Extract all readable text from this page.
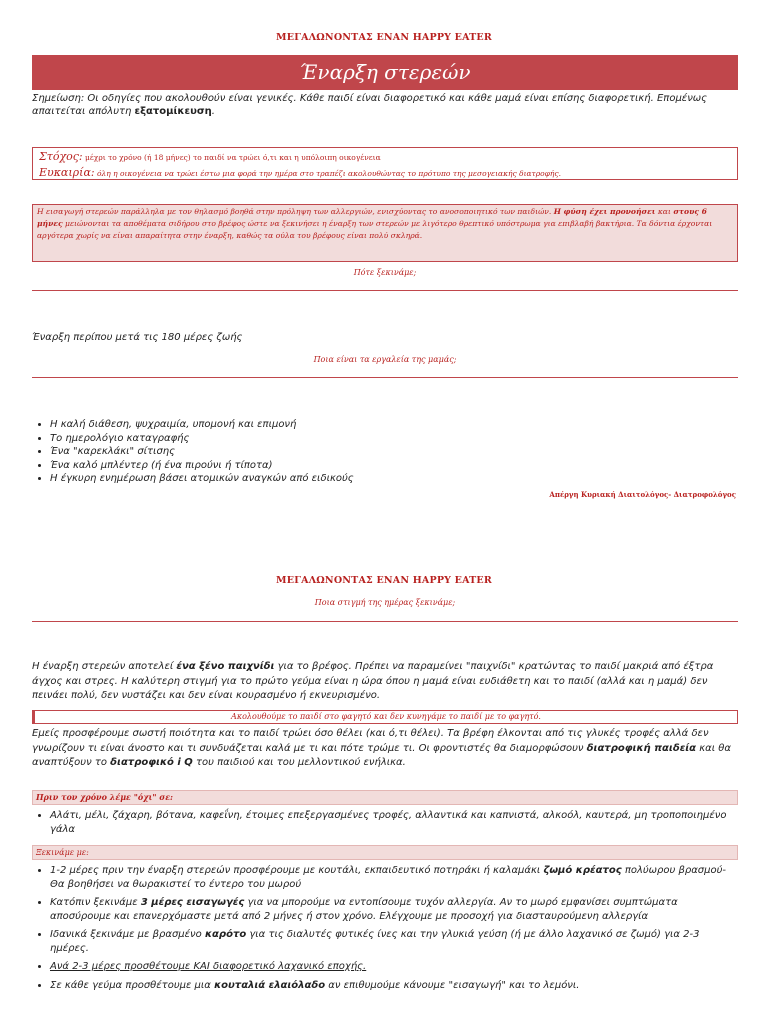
ΜΕΓΑΛΩΝΟΝΤΑΣ ΕΝΑΝ HAPPY EATER
Έναρξη στερεών
Σημείωση: Οι οδηγίες που ακολουθούν είναι γενικές. Κάθε παιδί είναι διαφορετικό και κάθε μαμά είναι επίσης διαφορετική. Επομένως απαιτείται απόλυτη εξατομίκευση.
Στόχος: μέχρι το χρόνο (ή 18 μήνες) το παιδί να τρώει ό,τι και η υπόλοιπη οικογένεια
Ευκαιρία: όλη η οικογένεια να τρώει έστω μια φορά την ημέρα στο τραπέζι ακολουθώντας το πρότυπο της μεσογειακής διατροφής.
Η εισαγωγή στερεών παράλληλα με τον θηλασμό βοηθά στην πρόληψη των αλλεργιών, ενισχύοντας το ανοσοποιητικό των παιδιών. Η φύση έχει προνοήσει και στους 6 μήνες μειώνονται τα αποθέματα σιδήρου στο βρέφος ώστε να ξεκινήσει η έναρξη των στερεών με λιγότερο θρεπτικό υπόστρωμα για επιβλαβή βακτήρια. Τα δόντια έρχονται αργότερα χωρίς να είναι απαραίτητα στην έναρξη, καθώς τα ούλα του βρέφους είναι πολύ σκληρά.
Πότε ξεκινάμε;
Έναρξη περίπου μετά τις 180 μέρες ζωής
Ποια είναι τα εργαλεία της μαμάς;
• Η καλή διάθεση, ψυχραιμία, υπομονή και επιμονή
• Το ημερολόγιο καταγραφής
• Ένα "καρεκλάκι" σίτισης
• Ένα καλό μπλέντερ (ή ένα πιρούνι ή τίποτα)
• Η έγκυρη ενημέρωση βάσει ατομικών αναγκών από ειδικούς
Απέργη Κυριακή Διαιτολόγος- Διατροφολόγος
ΜΕΓΑΛΩΝΟΝΤΑΣ ΕΝΑΝ HAPPY EATER
Ποια στιγμή της ημέρας ξεκινάμε;
Η έναρξη στερεών αποτελεί ένα ξένο παιχνίδι για το βρέφος. Πρέπει να παραμείνει "παιχνίδι" κρατώντας το παιδί μακριά από έξτρα άγχος και στρες. Η καλύτερη στιγμή για το πρώτο γεύμα είναι η ώρα όπου η μαμά είναι ευδιάθετη και το παιδί (αλλά και η μαμά) δεν πεινάει πολύ, δεν νυστάζει και δεν είναι κουρασμένο ή εκνευρισμένο.
Ακολουθούμε το παιδί στο φαγητό και δεν κυνηγάμε το παιδί με το φαγητό.
Εμείς προσφέρουμε σωστή ποιότητα και το παιδί τρώει όσο θέλει (και ό,τι θέλει). Τα βρέφη έλκονται από τις γλυκές τροφές αλλά δεν γνωρίζουν τι είναι άνοστο και τι συνδυάζεται καλά με τι και πότε τρώμε τι. Οι φροντιστές θα διαμορφώσουν διατροφική παιδεία και θα αναπτύξουν το διατροφικό i Q του παιδιού και του μελλοντικού ενήλικα.
Πριν τον χρόνο λέμε "όχι" σε:
• Αλάτι, μέλι, ζάχαρη, βότανα, καφεΐνη, έτοιμες επεξεργασμένες τροφές, αλλαντικά και καπνιστά, αλκοόλ, καυτερά, μη τροποποιημένο γάλα
Ξεκινάμε με:
• 1-2 μέρες πριν την έναρξη στερεών προσφέρουμε με κουτάλι, εκπαιδευτικό ποτηράκι ή καλαμάκι ζωμό κρέατος πολύωρου βρασμού- Θα βοηθήσει να θωρακιστεί το έντερο του μωρού
• Κατόπιν ξεκινάμε 3 μέρες εισαγωγές για να μπορούμε να εντοπίσουμε τυχόν αλλεργία. Αν το μωρό εμφανίσει συμπτώματα αποσύρουμε και επανερχόμαστε μετά από 2 μήνες ή στον χρόνο. Ελέγχουμε με προσοχή για διασταυρούμενη αλλεργία
• Ιδανικά ξεκινάμε με βρασμένο καρότο για τις διαλυτές φυτικές ίνες και την γλυκιά γεύση (ή με άλλο λαχανικό σε ζωμό) για 2-3 ημέρες.
• Ανά 2-3 μέρες προσθέτουμε ΚΑΙ διαφορετικό λαχανικό εποχής.
• Σε κάθε γεύμα προσθέτουμε μια κουταλιά ελαιόλαδο αν επιθυμούμε κάνουμε "εισαγωγή" και το λεμόνι.
